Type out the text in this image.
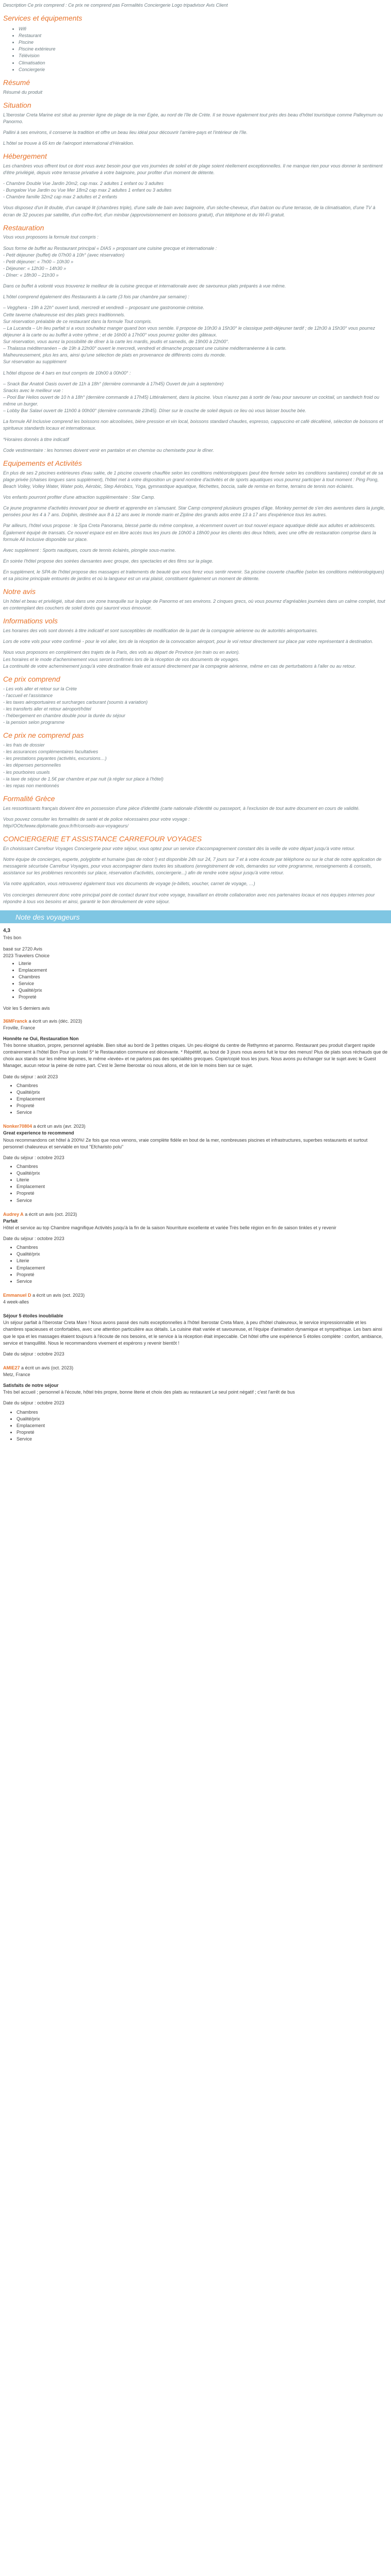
Description Ce prix comprend : Ce prix ne comprend pas Formalités Conciergerie Logo tripadvisor Avis Client

Services et équipements
• Wifi
• Restaurant
• Piscine
• Piscine extérieure
• Télévision
• Climatisation
• Conciergerie
Résumé

Résumé du produit

Situation

L'Iberostar Creta Marine est situé au premier ligne de plage de la mer Egée, au nord de l'île de Crète. Il se trouve également tout près des beau d'hôtel touristique comme Palleymum ou Panormo.

Pallini à ses environs, il conserve la tradition et offre un beau lieu idéal pour découvrir l'arrière-pays et l'intérieur de l'île.

L'hôtel se trouve à 65 km de l'aéroport international d'Héraklion.

Hébergement

Les chambres vous offrent tout ce dont vous avez besoin pour que vos journées de soleil et de plage soient réellement exceptionnelles. Il ne manque rien pour vous donner le sentiment d'être privilégié, depuis votre terrasse privative à votre baignoire, pour profiter d'un moment de détente.

- Chambre Double Vue Jardin 20m2, cap max. 2 adultes 1 enfant ou 3 adultes
- Bungalow Vue Jardin ou Vue Mer 18m2 cap max 2 adultes 1 enfant ou 3 adultes
- Chambre famille 32m2 cap max 2 adultes et 2 enfants

Vous disposez d'un lit double, d'un canapé lit (chambres triple), d'une salle de bain avec baignoire, d'un sèche-cheveux, d'un balcon ou d'une terrasse, de la climatisation, d'une TV à écran de 32 pouces par satellite, d'un coffre-fort, d'un minibar (approvisionnement en boissons gratuit), d'un téléphone et du Wi-Fi gratuit.

Restauration

Vous vous proposons la formule tout compris :

Sous forme de buffet au Restaurant principal « DIAS » proposant une cuisine grecque et internationale :

- Petit déjeuner (buffet) de 07h00 à 10h° (avec réservation)
- Petit déjeuner: « 7h00 – 10h30 »
- Déjeuner: « 12h30 – 14h30 »
- Dîner: « 18h30 – 21h30 »

Dans ce buffet à volonté vous trouverez le meilleur de la cuisine grecque et internationale avec de savoureux plats préparés à vue même.

L'hôtel comprend également des Restaurants à la carte (3 fois par chambre par semaine) :

– Vegghera - 19h à 22h° ouvert lundi, mercredi et vendredi – proposant une gastronomie crétoise.

Cette taverne chaleureuse est des plats grecs traditionnels.

Sur réservation préalable de ce restaurant dans la formule Tout compris.

– La Lucanda – Un lieu parfait si a vous souhaitez manger quand bon vous semble. Il propose de 10h30 à 15h30° le classique petit-déjeuner tardif ; de 12h30 à 15h30° vous pourrez déjeuner à la carte ou au buffet à votre rythme ; et de 16h00 à 17h00° vous pourrez goûter des gâteaux.

Sur réservation, vous aurez la possibilité de dîner à la carte les mardis, jeudis et samedis, de 19h00 à 22h00°.

– Thalassa méditerranéen – de 19h à 22h00° ouvert le mercredi, vendredi et dimanche proposant une cuisine méditerranéenne à la carte.

Malheureusement, plus les ans, ainsi qu'une sélection de plats en provenance de différents coins du monde.

Sur réservation au supplément

L'hôtel dispose de 4 bars en tout compris de 10h00 à 00h00° :

– Snack Bar Anatoli Oasis ouvert de 11h à 18h° (dernière commande à 17h45) Ouvert de juin à septembre)

Snacks avec le meilleur vue :

– Pool Bar Helios ouvert de 10 h à 18h° (dernière commande à 17h45) Littéralement, dans la piscine. Vous n'aurez pas à sortir de l'eau pour savourer un cocktail, un sandwich froid ou même un burger.

– Lobby Bar Salavi ouvert de 11h00 à 00h00° (dernière commande 23h45). Dîner sur le couche de soleil depuis ce lieu où vous laisser bouche bée.

La formule All Inclusive comprend les boissons non alcoolisées, bière pression et vin local, boissons standard chaudes, espresso, cappuccino et café décaféiné, sélection de boissons et spiritueux standards locaux et internationaux.

*Horaires donnés à titre indicatif

Code vestimentaire : les hommes doivent venir en pantalon et en chemise ou chemisette pour le dîner.

Equipements et Activités

En plus de ses 2 piscines extérieures d'eau salée, de 1 piscine couverte chauffée selon les conditions météorologiques (peut être fermée selon les conditions sanitaires) conduit et de sa plage privée (chaises longues sans supplément), l'hôtel met à votre disposition un grand nombre d'activités et de sports aquatiques vous pourrez participer à tout moment : Ping Pong, Beach Volley, Volley Water, Water polo, Aérobic, Step Aérobics, Yoga, gymnastique aquatique, fléchettes, boccia, salle de remise en forme, terrains de tennis non éclairés.

Vos enfants pourront profiter d'une attraction supplémentaire : Star Camp.

Ce jeune programme d'activités innovant pour se divertir et apprendre en s'amusant. Star Camp comprend plusieurs groupes d'âge. Monkey permet de s'en des aventures dans la jungle, pensées pour les 4 à 7 ans. Dolphin, destinée aux 8 à 12 ans avec le monde marin et Zipline des grands ados entre 13 à 17 ans d'expérience tous les autres.

Par ailleurs, l'hôtel vous propose : le Spa Creta Panorama, blessé partie du même complexe, a récemment ouvert un tout nouvel espace aquatique dédié aux adultes et adolescents. Également équipé de transats. Ce nouvel espace est en libre accès tous les jours de 10h00 à 18h00 pour les clients des deux hôtels, avec une offre de restauration comprise dans la formule All Inclusive disponible sur place.

Avec supplément : Sports nautiques, cours de tennis éclairés, plongée sous-marine.

En soirée l'hôtel propose des soirées dansantes avec groupe, des spectacles et des films sur la plage.

En supplément, le SPA de l'hôtel propose des massages et traitements de beauté que vous ferez vous sentir revenir. Sa piscine couverte chauffée (selon les conditions météorologiques) et sa piscine principale entourés de jardins et où la langueur est un vrai plaisir, constituent également un moment de détente.

Notre avis

Un hôtel et beau et privilégié, situé dans une zone tranquille sur la plage de Panormo et ses environs. 2 cinques grecs, où vous pourrez d'agréables journées dans un calme complet, tout en contemplant des couchers de soleil dorés qui sauront vous émouvoir.

Informations vols

Les horaires des vols sont donnés à titre indicatif et sont susceptibles de modification de la part de la compagnie aérienne ou de autorités aéroportuaires.

Lors de votre vols pour votre confirmé - pour le vol aller, lors de la réception de la convocation aéroport, pour le vol retour directement sur place par votre représentant à destination.

Nous vous proposons en complément des trajets de la Paris, des vols au départ de Province (en train ou en avion).

Les horaires et le mode d'acheminement vous seront confirmés lors de la réception de vos documents de voyages.

La continuité de votre acheminement jusqu'à votre destination finale est assuré directement par la compagnie aérienne, même en cas de perturbations à l'aller ou au retour.

Ce prix comprend
- Les vols aller et retour sur la Crète
- l'accueil et l'assistance
- les taxes aéroportuaires et surcharges carburant (soumis à variation)
- les transferts aller et retour aéroport/hôtel
- l'hébergement en chambre double pour la durée du séjour
- la pension selon programme
Ce prix ne comprend pas
- les frais de dossier
- les assurances complémentaires facultatives
- les prestations payantes (activités, excursions…)
- les dépenses personnelles
- les pourboires usuels
- la taxe de séjour de 1.5€ par chambre et par nuit (à régler sur place à l'hôtel)
- les repas non mentionnés
Formalité Grèce

Les ressortissants français doivent être en possession d'une pièce d'identité (carte nationale d'identité ou passeport, à l'exclusion de tout autre document en cours de validité.

Vous pouvez consulter les formalités de santé et de police nécessaires pour votre voyage :

http//OOtcfwww.diplomatie.gouv.fr/fr/conseils-aux-voyageurs/

CONCIERGERIE ET ASSISTANCE CARREFOUR VOYAGES

En choisissant Carrefour Voyages Conciergerie pour votre séjour, vous optez pour un service d'accompagnement constant dès la veille de votre départ jusqu'à votre retour.

Notre équipe de concierges, experte, polyglotte et humaine (pas de robot !) est disponible 24h sur 24, 7 jours sur 7 et à votre écoute par téléphone ou sur le chat de notre application de messagerie sécurisée Carrefour Voyages, pour vous accompagner dans toutes les situations (enregistrement de vols, demandes sur votre programme, renseignements & conseils, assistance sur les problèmes rencontrés sur place, réservation d'activités, conciergerie...) afin de rendre votre séjour jusqu'à votre retour.

Via notre application, vous retrouverez également tous vos documents de voyage (e-billets, voucher, carnet de voyage, …)

Vos concierges demeurent donc votre principal point de contact durant tout votre voyage, travaillant en étroite collaboration avec nos partenaires locaux et nos équipes internes pour répondre à tous vos besoins et ainsi, garantir le bon déroulement de votre séjour.

Note des voyageurs
4,3
Très bon
basé sur 2720 Avis
2023 Travelers Choice
• Literie
• Emplacement
• Chambres
• Service
• Qualité/prix
• Propreté

Voir les 5 derniers avis

36MFranck a écrit un avis (déc. 2023)
Froville, France
Honnête ne Oui, Restauration Non
Très bonne situation, propre, personnel agréable. Bien situé au bord de 3 petites criques. Un peu éloigné du centre de Rethymno et panormo. Restaurant peu produit d'argent rapide contrairement à l'hôtel Bon Pour un Iostel 5* le Restauration commune est décevante. * Répétitif, au bout de 3 jours nous avons fuit le tour des menus! Plus de plats sous réchauds que de choix aux stands sur les même légumes, le même «levée» et ne parlons pas des spécialités grecques. Copie/copié tous les jours. Nous avons pu échanger sur le sujet avec le Guest Manager, aucun retour la peine de notre part. C'est le 3eme Iberostar où nous allons, et de loin le moins bien sur ce sujet.
Date du séjour : août 2023
• Chambres
• Qualité/prix
• Emplacement
• Propreté
• Service
Nonker70804 a écrit un avis (avr. 2023)
Great experience to recommend
Nous recommandons cet hôtel à 200%! Ze fois que nous venons, vraie complète fidèle en bout de la mer, nombreuses piscines et infrastructures, superbes restaurants et surtout personnel chaleureux et serviable en tout "Efcharisto polu"
Date du séjour : octobre 2023
• Chambres
• Qualité/prix
• Literie
• Emplacement
• Propreté
• Service
Audrey A a écrit un avis (oct. 2023)
Parfait
Hôtel et service au top Chambre magnifique Activités jusqu'à la fin de la saison Nourriture excellente et variée Très belle région en fin de saison tinkles et y revenir
Date du séjour : octobre 2023
• Chambres
• Qualité/prix
• Literie
• Emplacement
• Propreté
• Service
Emmanuel D a écrit un avis (oct. 2023)
4 week-alles
Séjour 5 étoiles inoubliable
Un séjour parfait à l'Iberostar Creta Mare ! Nous avons passé des nuits exceptionnelles à l'hôtel Iberostar Creta Mare, à peu d'hôtel chaleureux, le service impressionnable et les chambres spacieuses et confortables, avec une attention particulière aux détails. La cuisine était variée et savoureuse, et l'équipe d'animation dynamique et sympathique. Les bars ainsi que le spa et les massages étaient toujours à l'écoute de nos besoins, et le service à la réception était impeccable. Cet hôtel offre une expérience 5 étoiles complète : confort, ambiance, service et tranquillité. Nous le recommandons vivement et espérons y revenir bientôt !
Date du séjour : octobre 2023
AMIE27 a écrit un avis (oct. 2023)
Metz, France
Satisfaits de notre séjour
Très bel accueil ; personnel à l'écoute, hôtel très propre, bonne literie et choix des plats au restaurant Le seul point négatif ; c'est l'arrêt de bus
Date du séjour : octobre 2023
• Chambres
• Qualité/prix
• Emplacement
• Propreté
• Service
